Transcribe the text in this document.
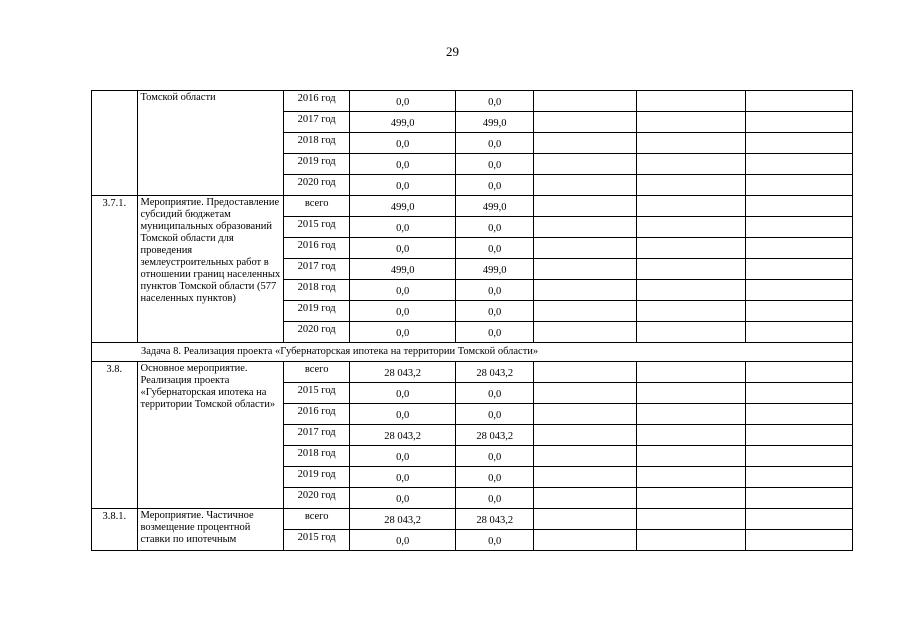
29
	Томской области	2016 год	0,0	0,0			
		2017 год	499,0	499,0			
		2018 год	0,0	0,0			
		2019 год	0,0	0,0			
		2020 год	0,0	0,0			
3.7.1.	Мероприятие. Предоставление субсидий бюджетам муниципальных образований Томской области для проведения землеустроительных работ в отношении границ населенных пунктов Томской области (577 населенных пунктов)	всего	499,0	499,0			
		2015 год	0,0	0,0			
		2016 год	0,0	0,0			
		2017 год	499,0	499,0			
		2018 год	0,0	0,0			
		2019 год	0,0	0,0			
		2020 год	0,0	0,0			
Задача 8. Реализация проекта «Губернаторская ипотека на территории Томской области»							
3.8.	Основное мероприятие. Реализация проекта «Губернаторская ипотека на территории Томской области»	всего	28 043,2	28 043,2			
		2015 год	0,0	0,0			
		2016 год	0,0	0,0			
		2017 год	28 043,2	28 043,2			
		2018 год	0,0	0,0			
		2019 год	0,0	0,0			
		2020 год	0,0	0,0			
3.8.1.	Мероприятие. Частичное возмещение процентной ставки по ипотечным	всего	28 043,2	28 043,2			
		2015 год	0,0	0,0			
